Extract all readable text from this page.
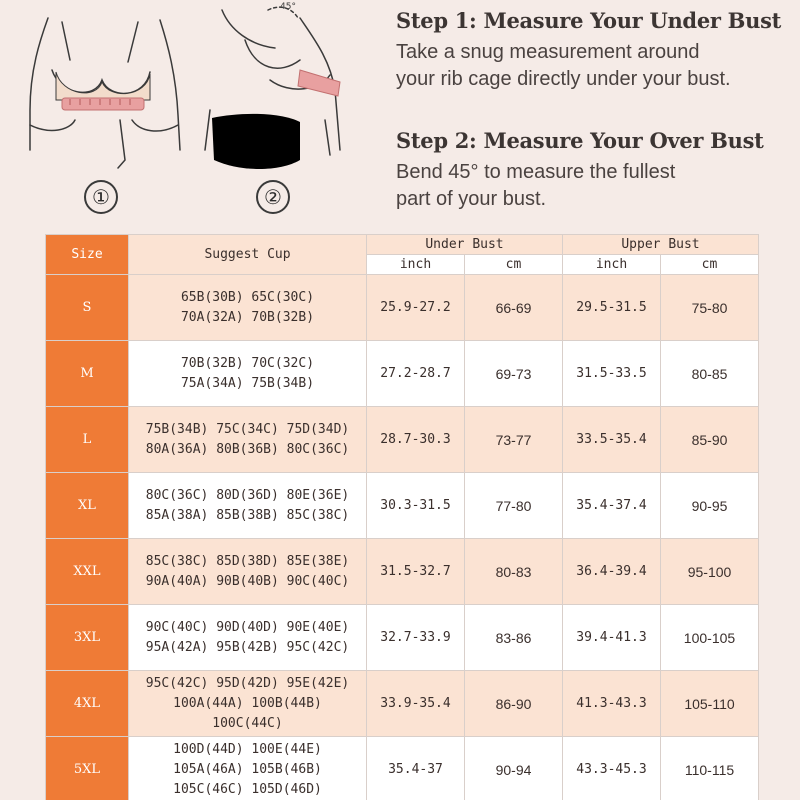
①	②
45°
Step 1: Measure Your Under Bust
Take a snug measurement around
your rib cage directly under your bust.
Step 2: Measure Your Over Bust
Bend 45° to measure the fullest
part of your bust.
Size	Suggest Cup	Under Bust		Upper Bust	
		inch	cm	inch	cm
S	65B(30B) 65C(30C)
70A(32A) 70B(32B)	25.9-27.2	66-69	29.5-31.5	75-80
M	70B(32B) 70C(32C)
75A(34A) 75B(34B)	27.2-28.7	69-73	31.5-33.5	80-85
L	75B(34B) 75C(34C) 75D(34D)
80A(36A) 80B(36B) 80C(36C)	28.7-30.3	73-77	33.5-35.4	85-90
XL	80C(36C) 80D(36D) 80E(36E)
85A(38A) 85B(38B) 85C(38C)	30.3-31.5	77-80	35.4-37.4	90-95
XXL	85C(38C) 85D(38D) 85E(38E)
90A(40A) 90B(40B) 90C(40C)	31.5-32.7	80-83	36.4-39.4	95-100
3XL	90C(40C) 90D(40D) 90E(40E)
95A(42A) 95B(42B) 95C(42C)	32.7-33.9	83-86	39.4-41.3	100-105
4XL	95C(42C) 95D(42D) 95E(42E)
100A(44A) 100B(44B)
100C(44C)	33.9-35.4	86-90	41.3-43.3	105-110
5XL	100D(44D) 100E(44E)
105A(46A) 105B(46B)
105C(46C) 105D(46D)	35.4-37	90-94	43.3-45.3	110-115
